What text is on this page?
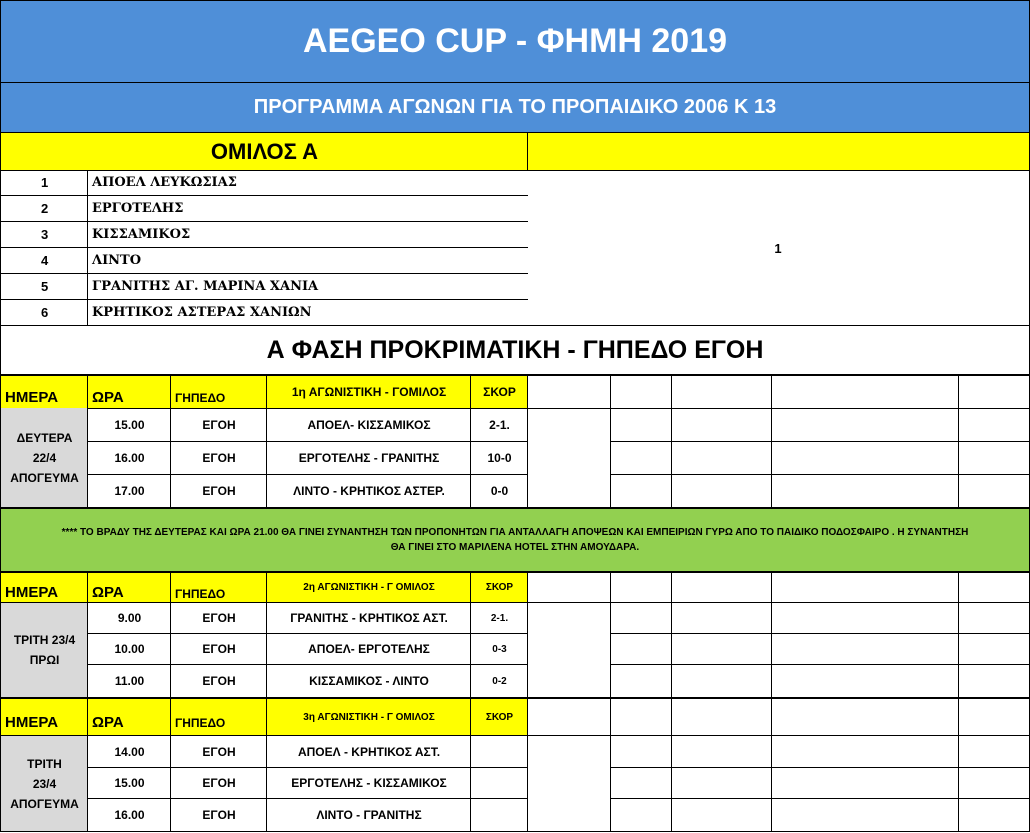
AEGEO CUP - ΦΗΜΗ 2019
ΠΡΟΓΡΑΜΜΑ ΑΓΩΝΩΝ ΓΙΑ ΤΟ ΠΡΟΠΑΙΔΙΚΟ 2006 Κ 13
ΟΜΙΛΟΣ Α
1	ΑΠΟΕΛ ΛΕΥΚΩΣΙΑΣ
2	ΕΡΓΟΤΕΛΗΣ
3	ΚΙΣΣΑΜΙΚΟΣ
4	ΛΙΝΤΟ
5	ΓΡΑΝΙΤΗΣ ΑΓ. ΜΑΡΙΝΑ ΧΑΝΙΑ
6	ΚΡΗΤΙΚΟΣ ΑΣΤΕΡΑΣ ΧΑΝΙΩΝ
1
Α ΦΑΣΗ ΠΡΟΚΡΙΜΑΤΙΚΗ - ΓΗΠΕΔΟ ΕΓΟΗ
ΗΜΕΡΑ	ΩΡΑ	ΓΗΠΕΔΟ	1η ΑΓΩΝΙΣΤΙΚΗ - ΓΟΜΙΛΟΣ	ΣΚΟΡ
ΔΕΥΤΕΡΑ
22/4
ΑΠΟΓΕΥΜΑ
15.00	ΕΓΟΗ	ΑΠΟΕΛ- ΚΙΣΣΑΜΙΚΟΣ	2-1.
16.00	ΕΓΟΗ	ΕΡΓΟΤΕΛΗΣ - ΓΡΑΝΙΤΗΣ	10-0
17.00	ΕΓΟΗ	ΛΙΝΤΟ - ΚΡΗΤΙΚΟΣ ΑΣΤΕΡ.	0-0
ΗΜΕΡΑ	ΩΡΑ	ΓΗΠΕΔΟ	2η ΑΓΩΝΙΣΤΙΚΗ - Γ ΟΜΙΛΟΣ	ΣΚΟΡ
ΤΡΙΤΗ 23/4
ΠΡΩΙ
9.00	ΕΓΟΗ	ΓΡΑΝΙΤΗΣ - ΚΡΗΤΙΚΟΣ ΑΣΤ.	2-1.
10.00	ΕΓΟΗ	ΑΠΟΕΛ- ΕΡΓΟΤΕΛΗΣ	0-3
11.00	ΕΓΟΗ	ΚΙΣΣΑΜΙΚΟΣ - ΛΙΝΤΟ	0-2
ΗΜΕΡΑ	ΩΡΑ	ΓΗΠΕΔΟ	3η ΑΓΩΝΙΣΤΙΚΗ - Γ ΟΜΙΛΟΣ	ΣΚΟΡ
ΤΡΙΤΗ
23/4
ΑΠΟΓΕΥΜΑ
14.00	ΕΓΟΗ	ΑΠΟΕΛ - ΚΡΗΤΙΚΟΣ ΑΣΤ.
15.00	ΕΓΟΗ	ΕΡΓΟΤΕΛΗΣ - ΚΙΣΣΑΜΙΚΟΣ
16.00	ΕΓΟΗ	ΛΙΝΤΟ - ΓΡΑΝΙΤΗΣ
**** ΤΟ ΒΡΑΔΥ ΤΗΣ ΔΕΥΤΕΡΑΣ ΚΑΙ ΩΡΑ 21.00 ΘΑ ΓΙΝΕΙ ΣΥΝΑΝΤΗΣΗ ΤΩΝ ΠΡΟΠΟΝΗΤΩΝ ΓΙΑ ΑΝΤΑΛΛΑΓΗ ΑΠΟΨΕΩΝ ΚΑΙ ΕΜΠΕΙΡΙΩΝ ΓΥΡΩ ΑΠΟ ΤΟ ΠΑΙΔΙΚΟ ΠΟΔΟΣΦΑΙΡΟ . Η ΣΥΝΑΝΤΗΣΗ
ΘΑ ΓΙΝΕΙ ΣΤΟ ΜΑΡΙΛΕΝΑ HOTEL ΣΤΗΝ ΑΜΟΥΔΑΡΑ.
